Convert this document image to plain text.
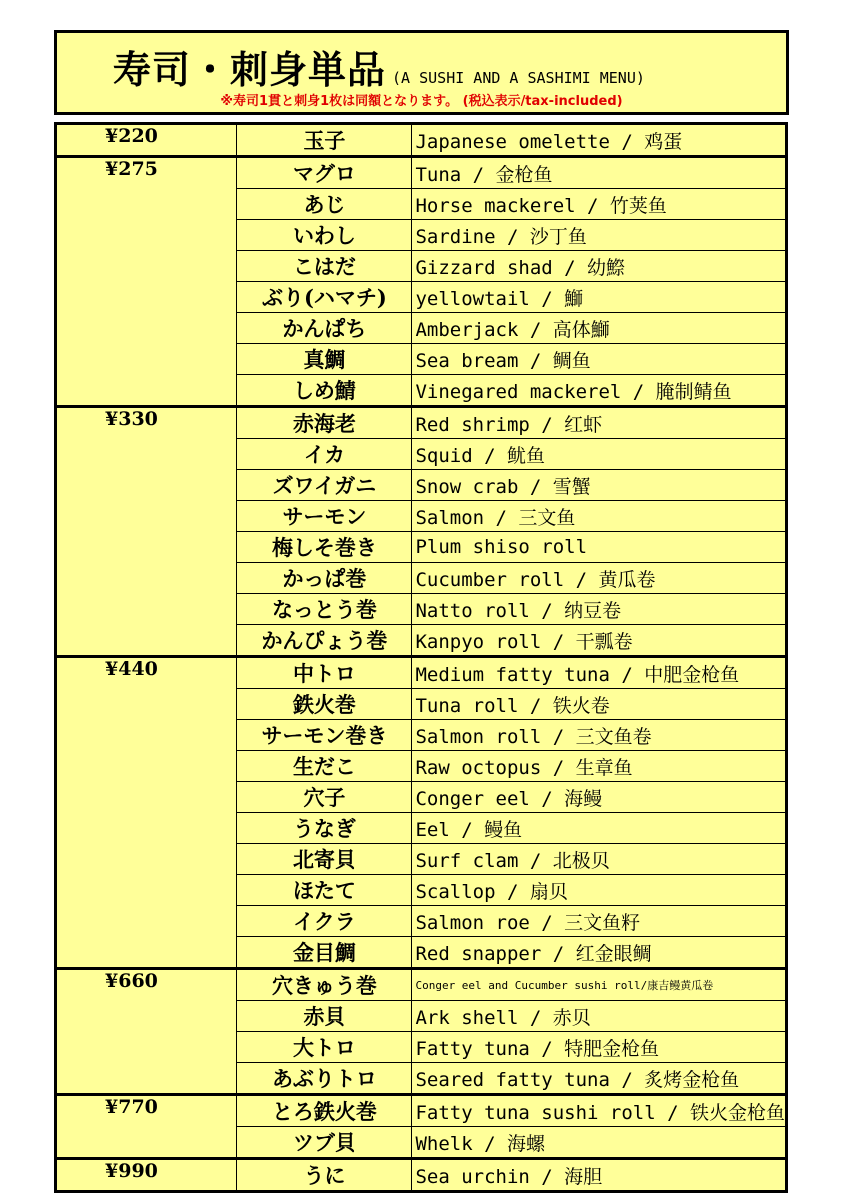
寿司・刺身単品 (A SUSHI AND A SASHIMI MENU)
※寿司1貫と刺身1枚は同額となります。 (税込表示/tax-included)
¥220	玉子	Japanese omelette / 鸡蛋
¥275	マグロ	Tuna / 金枪鱼
	あじ	Horse mackerel / 竹荚鱼
	いわし	Sardine / 沙丁鱼
	こはだ	Gizzard shad / 幼鰶
	ぶり(ハマチ)	yellowtail / 鰤
	かんぱち	Amberjack / 高体鰤
	真鯛	Sea bream / 鲷鱼
	しめ鯖	Vinegared mackerel / 腌制鲭鱼
¥330	赤海老	Red shrimp / 红虾
	イカ	Squid / 鱿鱼
	ズワイガニ	Snow crab / 雪蟹
	サーモン	Salmon / 三文鱼
	梅しそ巻き	Plum shiso roll
	かっぱ巻	Cucumber roll / 黄瓜卷
	なっとう巻	Natto roll / 纳豆卷
	かんぴょう巻	Kanpyo roll / 干瓢卷
¥440	中トロ	Medium fatty tuna / 中肥金枪鱼
	鉄火巻	Tuna roll / 铁火卷
	サーモン巻き	Salmon roll / 三文鱼卷
	生だこ	Raw octopus / 生章鱼
	穴子	Conger eel / 海鳗
	うなぎ	Eel / 鳗鱼
	北寄貝	Surf clam / 北极贝
	ほたて	Scallop / 扇贝
	イクラ	Salmon roe / 三文鱼籽
	金目鯛	Red snapper / 红金眼鲷
¥660	穴きゅう巻	Conger eel and Cucumber sushi roll/康吉鳗黄瓜卷
	赤貝	Ark shell / 赤贝
	大トロ	Fatty tuna / 特肥金枪鱼
	あぶりトロ	Seared fatty tuna / 炙烤金枪鱼
¥770	とろ鉄火巻	Fatty tuna sushi roll / 铁火金枪鱼
	ツブ貝	Whelk / 海螺
¥990	うに	Sea urchin / 海胆
